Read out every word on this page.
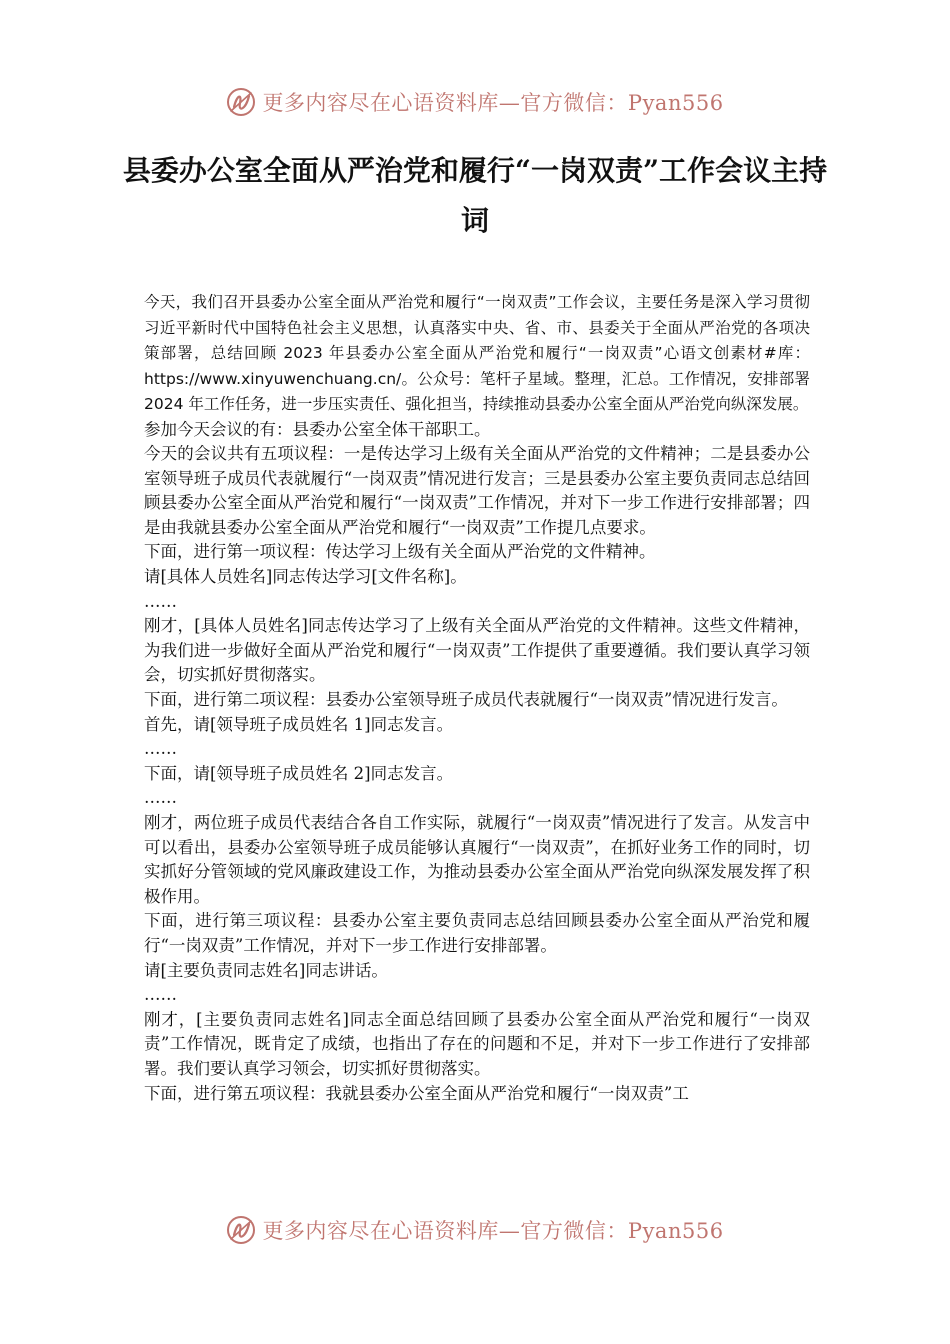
更多内容尽在心语资料库—官方微信：Pyan556
县委办公室全面从严治党和履行“一岗双责”工作会议主持词

今天，我们召开县委办公室全面从严治党和履行“一岗双责”工作会议，主要任务是深入学习贯彻习近平新时代中国特色社会主义思想，认真落实中央、省、市、县委关于全面从严治党的各项决策部署，总结回顾 2023 年县委办公室全面从严治党和履行“一岗双责”心语文创素材#库：https://www.xinyuwenchuang.cn/。公众号：笔杆子星域。整理，汇总。工作情况，安排部署 2024 年工作任务，进一步压实责任、强化担当，持续推动县委办公室全面从严治党向纵深发展。

参加今天会议的有：县委办公室全体干部职工。

今天的会议共有五项议程：一是传达学习上级有关全面从严治党的文件精神；二是县委办公室领导班子成员代表就履行“一岗双责”情况进行发言；三是县委办公室主要负责同志总结回顾县委办公室全面从严治党和履行“一岗双责”工作情况，并对下一步工作进行安排部署；四是由我就县委办公室全面从严治党和履行“一岗双责”工作提几点要求。

下面，进行第一项议程：传达学习上级有关全面从严治党的文件精神。

请[具体人员姓名]同志传达学习[文件名称]。

……

刚才，[具体人员姓名]同志传达学习了上级有关全面从严治党的文件精神。这些文件精神，为我们进一步做好全面从严治党和履行“一岗双责”工作提供了重要遵循。我们要认真学习领会，切实抓好贯彻落实。

下面，进行第二项议程：县委办公室领导班子成员代表就履行“一岗双责”情况进行发言。

首先，请[领导班子成员姓名 1]同志发言。

……

下面，请[领导班子成员姓名 2]同志发言。

……

刚才，两位班子成员代表结合各自工作实际，就履行“一岗双责”情况进行了发言。从发言中可以看出，县委办公室领导班子成员能够认真履行“一岗双责”，在抓好业务工作的同时，切实抓好分管领域的党风廉政建设工作，为推动县委办公室全面从严治党向纵深发展发挥了积极作用。

下面，进行第三项议程：县委办公室主要负责同志总结回顾县委办公室全面从严治党和履行“一岗双责”工作情况，并对下一步工作进行安排部署。

请[主要负责同志姓名]同志讲话。

……

刚才，[主要负责同志姓名]同志全面总结回顾了县委办公室全面从严治党和履行“一岗双责”工作情况，既肯定了成绩，也指出了存在的问题和不足，并对下一步工作进行了安排部署。我们要认真学习领会，切实抓好贯彻落实。

下面，进行第五项议程：我就县委办公室全面从严治党和履行“一岗双责”工

更多内容尽在心语资料库—官方微信：Pyan556
